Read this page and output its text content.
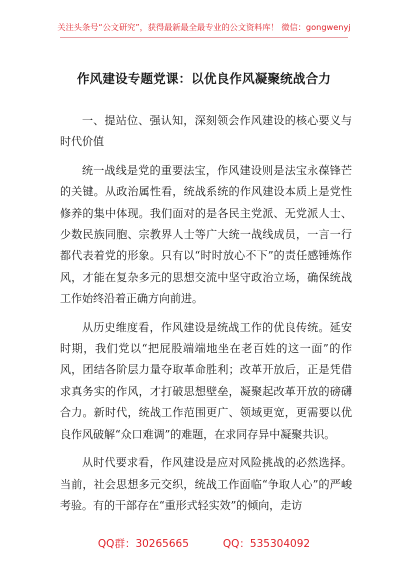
关注头条号“公文研究”，获得最新最全最专业的公文资料库！ 微信：gongwenyj
作风建设专题党课：以优良作风凝聚统战合力

一、提站位、强认知，深刻领会作风建设的核心要义与时代价值

统一战线是党的重要法宝，作风建设则是法宝永葆锋芒的关键。从政治属性看，统战系统的作风建设本质上是党性修养的集中体现。我们面对的是各民主党派、无党派人士、少数民族同胞、宗教界人士等广大统一战线成员，一言一行都代表着党的形象。只有以“时时放心不下”的责任感锤炼作风，才能在复杂多元的思想交流中坚守政治立场，确保统战工作始终沿着正确方向前进。

从历史维度看，作风建设是统战工作的优良传统。延安时期，我们党以“把屁股端端地坐在老百姓的这一面”的作风，团结各阶层力量夺取革命胜利；改革开放后，正是凭借求真务实的作风，才打破思想壁垒，凝聚起改革开放的磅礴合力。新时代，统战工作范围更广、领域更宽，更需要以优良作风破解“众口难调”的难题，在求同存异中凝聚共识。

从时代要求看，作风建设是应对风险挑战的必然选择。当前，社会思想多元交织，统战工作面临“争取人心”的严峻考验。有的干部存在“重形式轻实效”的倾向，走访

QQ群：30265665	QQ：535304092
